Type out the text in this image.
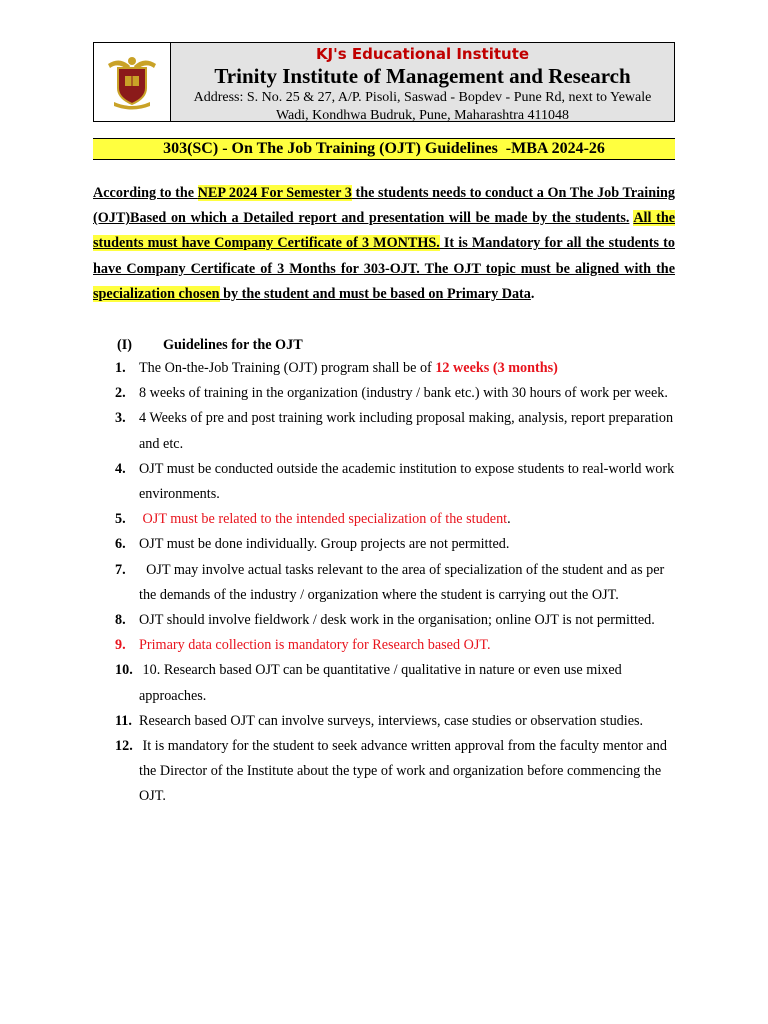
KJ's Educational Institute
Trinity Institute of Management and Research
Address: S. No. 25 & 27, A/P. Pisoli, Saswad - Bopdev - Pune Rd, next to Yewale Wadi, Kondhwa Budruk, Pune, Maharashtra 411048
303(SC) - On The Job Training (OJT) Guidelines  -MBA 2024-26

According to the NEP 2024 For Semester 3 the students needs to conduct a On The Job Training (OJT)Based on which a Detailed report and presentation will be made by the students. All the students must have Company Certificate of 3 MONTHS. It is Mandatory for all the students to have Company Certificate of 3 Months for 303-OJT. The OJT topic must be aligned with the specialization chosen by the student and must be based on Primary Data.

(I) Guidelines for the OJT
1. The On-the-Job Training (OJT) program shall be of 12 weeks (3 months)
2. 8 weeks of training in the organization (industry / bank etc.) with 30 hours of work per week.
3. 4 Weeks of pre and post training work including proposal making, analysis, report preparation and etc.
4. OJT must be conducted outside the academic institution to expose students to real-world work environments.
5. OJT must be related to the intended specialization of the student.
6. OJT must be done individually. Group projects are not permitted.
7. OJT may involve actual tasks relevant to the area of specialization of the student and as per the demands of the industry / organization where the student is carrying out the OJT.
8. OJT should involve fieldwork / desk work in the organisation; online OJT is not permitted.
9. Primary data collection is mandatory for Research based OJT.
10. 10. Research based OJT can be quantitative / qualitative in nature or even use mixed approaches.
11. Research based OJT can involve surveys, interviews, case studies or observation studies.
12. It is mandatory for the student to seek advance written approval from the faculty mentor and the Director of the Institute about the type of work and organization before commencing the OJT.
